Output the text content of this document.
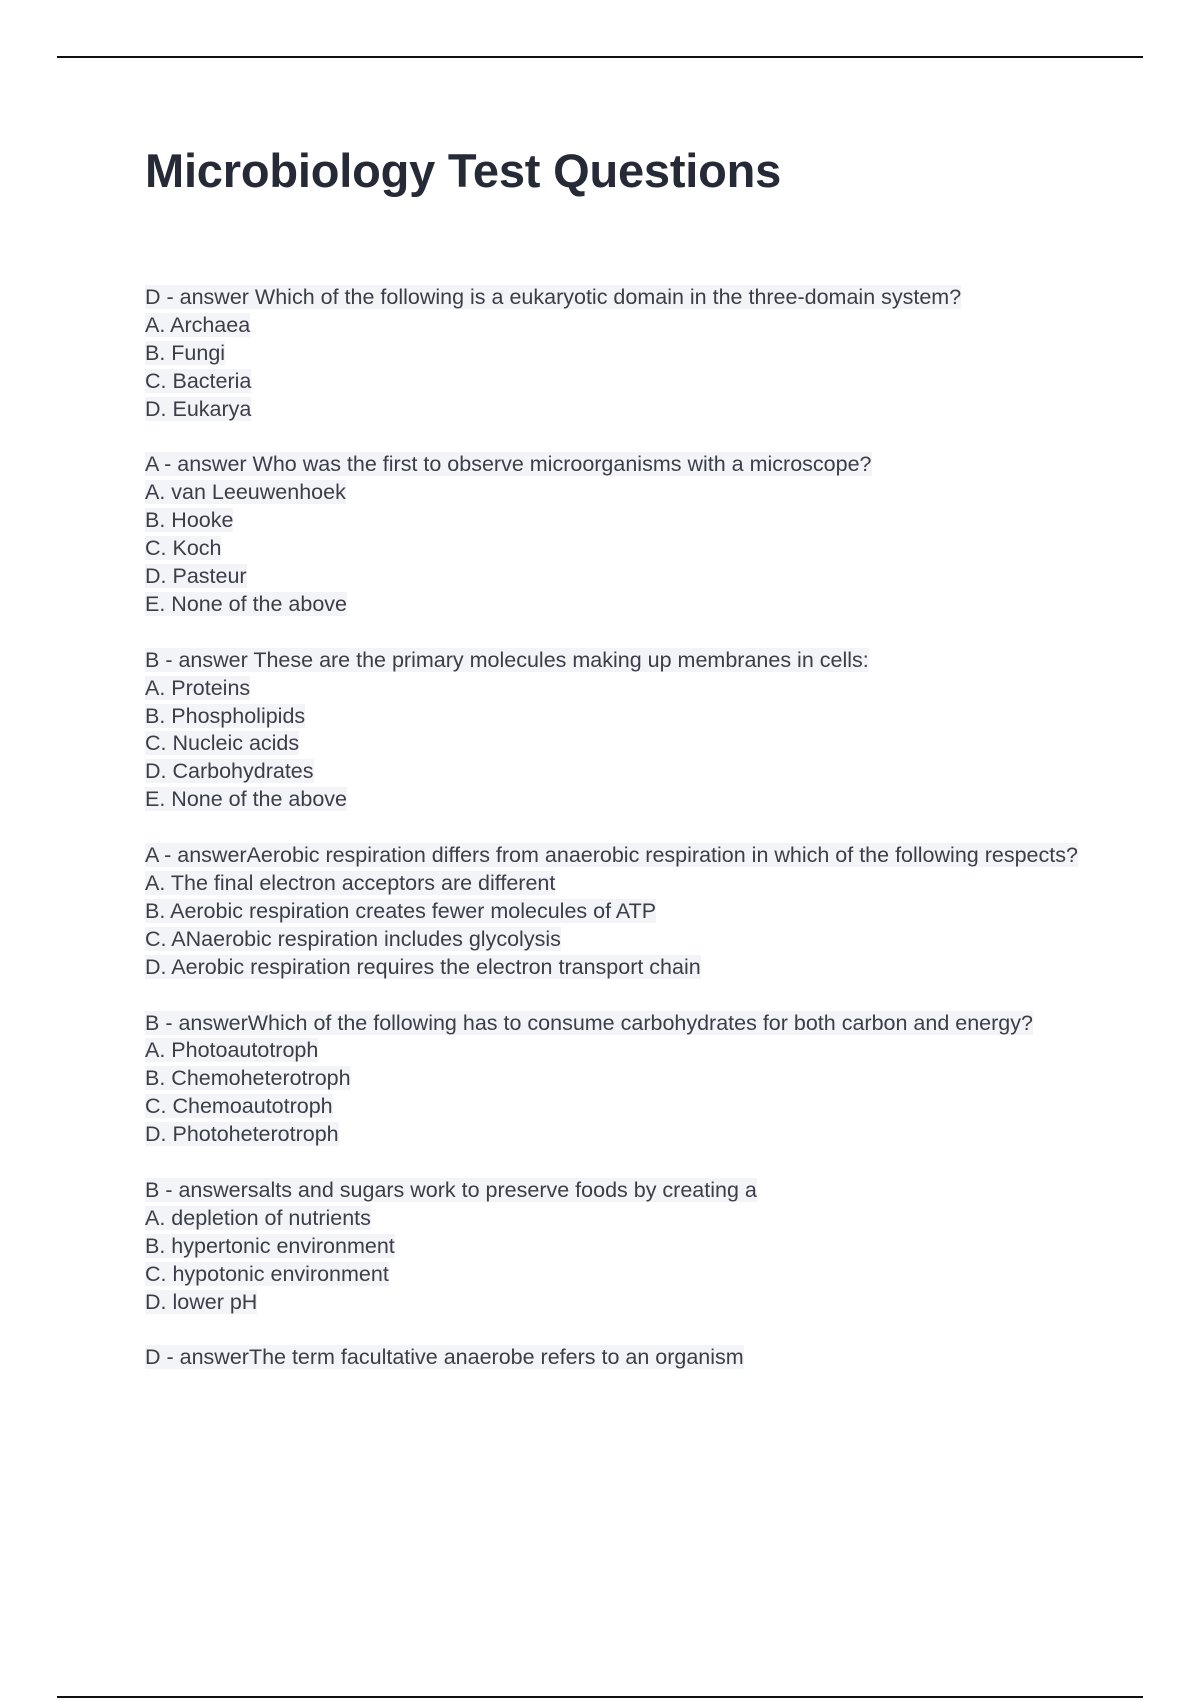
Microbiology Test Questions
D - answer Which of the following is a eukaryotic domain in the three-domain system?
A. Archaea
B. Fungi
C. Bacteria
D. Eukarya
A - answer Who was the first to observe microorganisms with a microscope?
A. van Leeuwenhoek
B. Hooke
C. Koch
D. Pasteur
E. None of the above
B - answer These are the primary molecules making up membranes in cells:
A. Proteins
B. Phospholipids
C. Nucleic acids
D. Carbohydrates
E. None of the above
A - answerAerobic respiration differs from anaerobic respiration in which of the following respects?
A. The final electron acceptors are different
B. Aerobic respiration creates fewer molecules of ATP
C. ANaerobic respiration includes glycolysis
D. Aerobic respiration requires the electron transport chain
B - answerWhich of the following has to consume carbohydrates for both carbon and energy?
A. Photoautotroph
B. Chemoheterotroph
C. Chemoautotroph
D. Photoheterotroph
B - answersalts and sugars work to preserve foods by creating a
A. depletion of nutrients
B. hypertonic environment
C. hypotonic environment
D. lower pH
D - answerThe term facultative anaerobe refers to an organism
